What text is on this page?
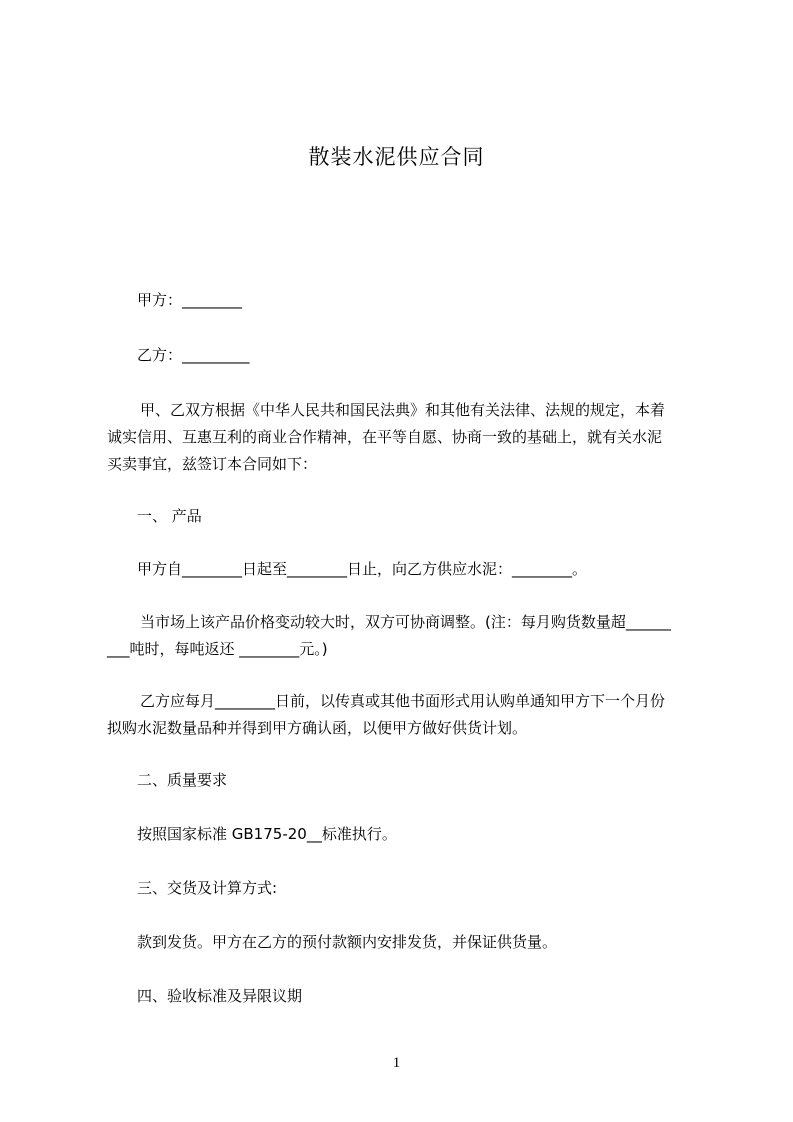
散装水泥供应合同
甲方：________
乙方：_________
甲、乙双方根据《中华人民共和国民法典》和其他有关法律、法规的规定，本着
诚实信用、互惠互利的商业合作精神，在平等自愿、协商一致的基础上，就有关水泥
买卖事宜，兹签订本合同如下：
一、 产品
甲方自________日起至________日止，向乙方供应水泥：________。
当市场上该产品价格变动较大时，双方可协商调整。(注：每月购货数量超______
___吨时，每吨返还 ________元。)
乙方应每月________日前，以传真或其他书面形式用认购单通知甲方下一个月份
拟购水泥数量品种并得到甲方确认函，以便甲方做好供货计划。
二、质量要求
按照国家标准 GB175-20__标准执行。
三、交货及计算方式:
款到发货。甲方在乙方的预付款额内安排发货，并保证供货量。
四、验收标准及异限议期
1
